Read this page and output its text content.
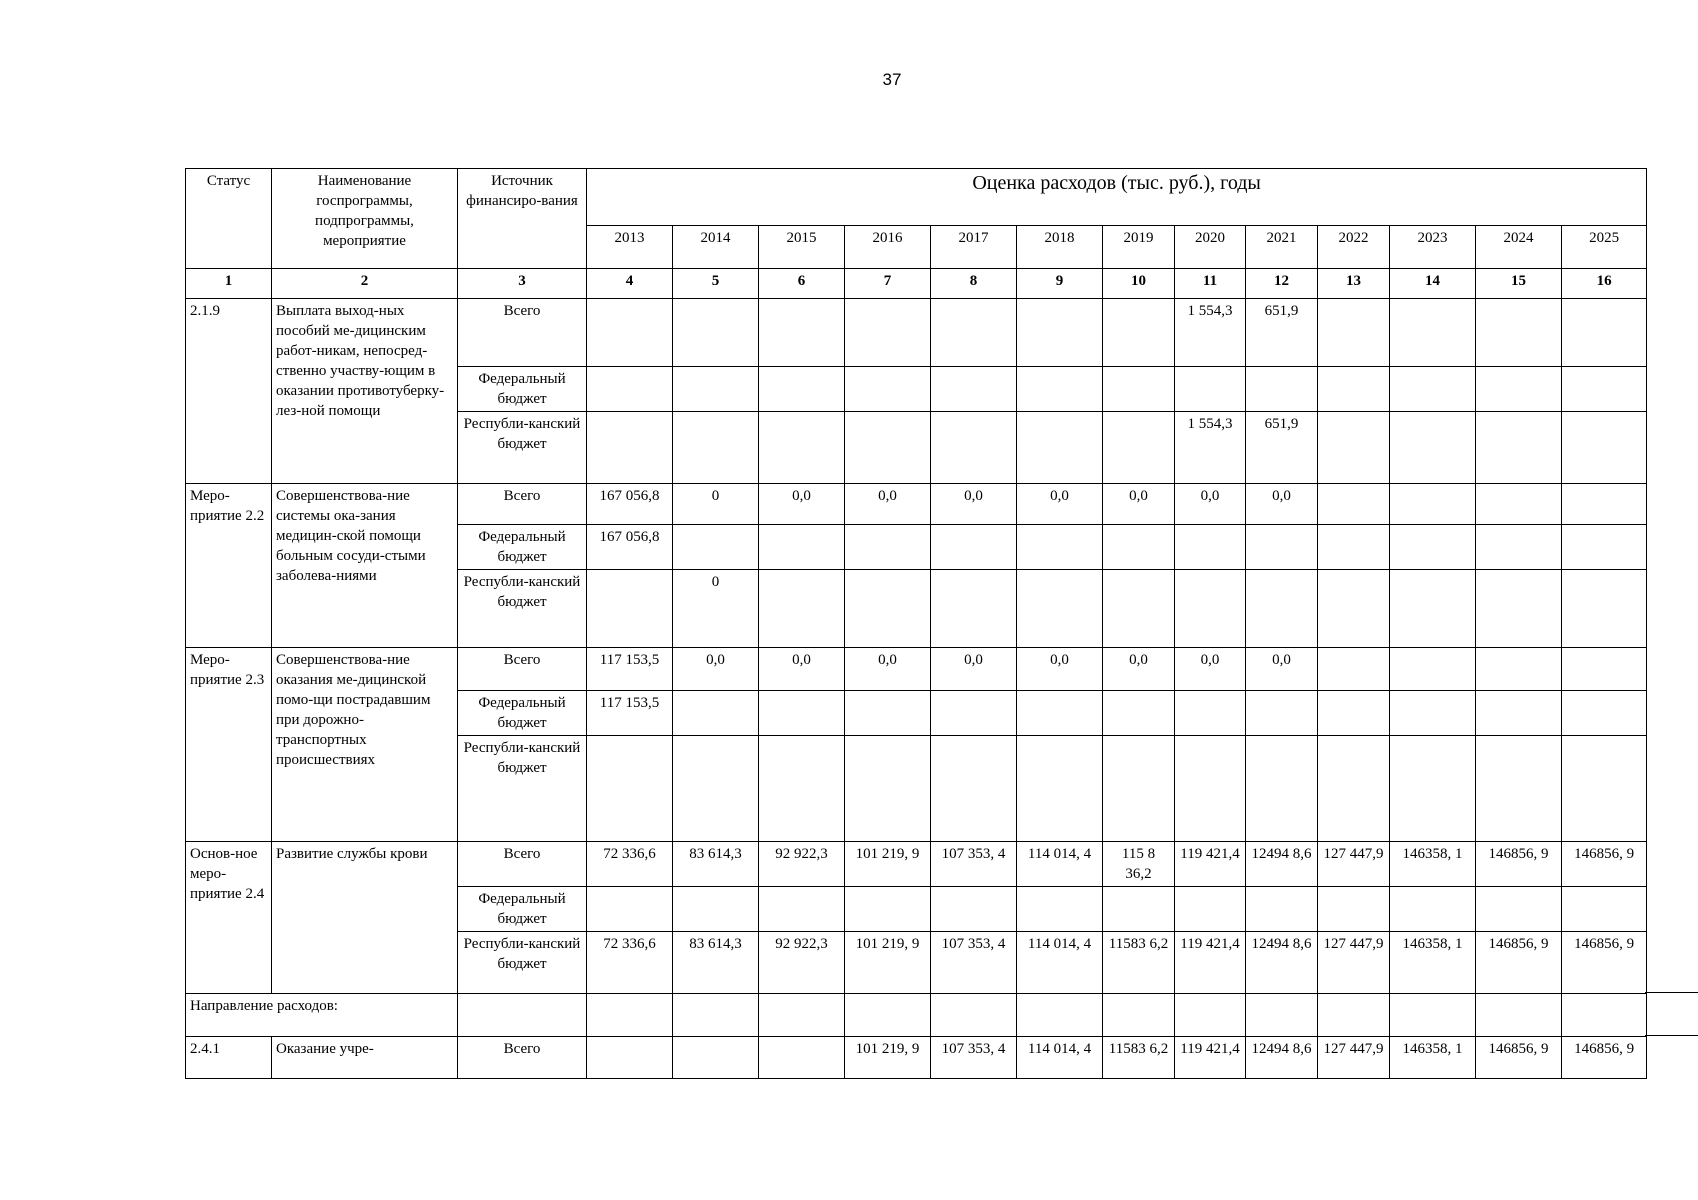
37
Статус	Наименование госпрограммы, подпрограммы, мероприятие	Источник финансиро-вания	Оценка расходов (тыс. руб.), годы												
			2013	2014	2015	2016	2017	2018	2019	2020	2021	2022	2023	2024	2025
1	2	3	4	5	6	7	8	9	10	11	12	13	14	15	16
2.1.9	Выплата выход-ных пособий ме-дицинским работ-никам, непосред-ственно участву-ющим в оказании противотуберку-лез-ной помощи	Всего								1 554,3	651,9				
		Федеральный бюджет													
		Республи-канский бюджет								1 554,3	651,9				
Меро-приятие 2.2	Совершенствова-ние системы ока-зания медицин-ской помощи больным сосуди-стыми заболева-ниями	Всего	167 056,8	0	0,0	0,0	0,0	0,0	0,0	0,0	0,0				
		Федеральный бюджет	167 056,8												
		Республи-канский бюджет		0											
Меро-приятие 2.3	Совершенствова-ние оказания ме-дицинской помо-щи пострадавшим при дорожно-транспортных происшествиях	Всего	117 153,5	0,0	0,0	0,0	0,0	0,0	0,0	0,0	0,0				
		Федеральный бюджет	117 153,5												
		Республи-канский бюджет													
Основ-ное меро-приятие 2.4	Развитие службы крови	Всего	72 336,6	83 614,3	92 922,3	101 219, 9	107 353, 4	114 014, 4	115 8 36,2	119 421,4	12494 8,6	127 447,9	146358, 1	146856, 9	146856, 9
		Федеральный бюджет													
		Республи-канский бюджет	72 336,6	83 614,3	92 922,3	101 219, 9	107 353, 4	114 014, 4	11583 6,2	119 421,4	12494 8,6	127 447,9	146358, 1	146856, 9	146856, 9
Направление расходов:															
2.4.1	Оказание учре-	Всего				101 219, 9	107 353, 4	114 014, 4	11583 6,2	119 421,4	12494 8,6	127 447,9	146358, 1	146856, 9	146856, 9
